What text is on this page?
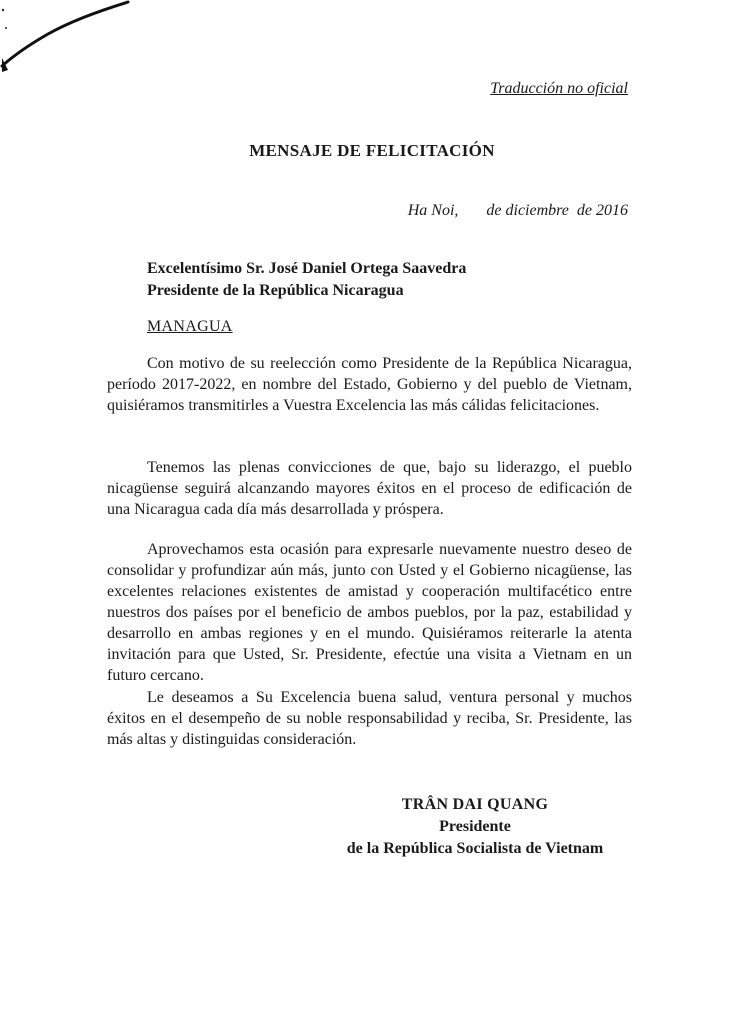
Traducción no oficial
MENSAJE DE FELICITACIÓN
Ha Noi, de diciembre  de 2016
Excelentísimo Sr. José Daniel Ortega Saavedra
Presidente de la República Nicaragua
MANAGUA

Con motivo de su reelección como Presidente de la República Nicaragua, período 2017-2022, en nombre del Estado, Gobierno y del pueblo de Vietnam, quisiéramos transmitirles a Vuestra Excelencia las más cálidas felicitaciones.

Tenemos las plenas convicciones de que, bajo su liderazgo, el pueblo nicagüense seguirá alcanzando mayores éxitos en el proceso de edificación de una Nicaragua cada día más desarrollada y próspera.

Aprovechamos esta ocasión para expresarle nuevamente nuestro deseo de consolidar y profundizar aún más, junto con Usted y el Gobierno nicagüense, las excelentes relaciones existentes de amistad y cooperación multifacético entre nuestros dos países por el beneficio de ambos pueblos, por la paz, estabilidad y desarrollo en ambas regiones y en el mundo. Quisiéramos reiterarle la atenta invitación para que Usted, Sr. Presidente, efectúe una visita a Vietnam en un futuro cercano.

Le deseamos a Su Excelencia buena salud, ventura personal y muchos éxitos en el desempeño de su noble responsabilidad y reciba, Sr. Presidente, las más altas y distinguidas consideración.

TRÂN DAI QUANG
Presidente
de la República Socialista de Vietnam
